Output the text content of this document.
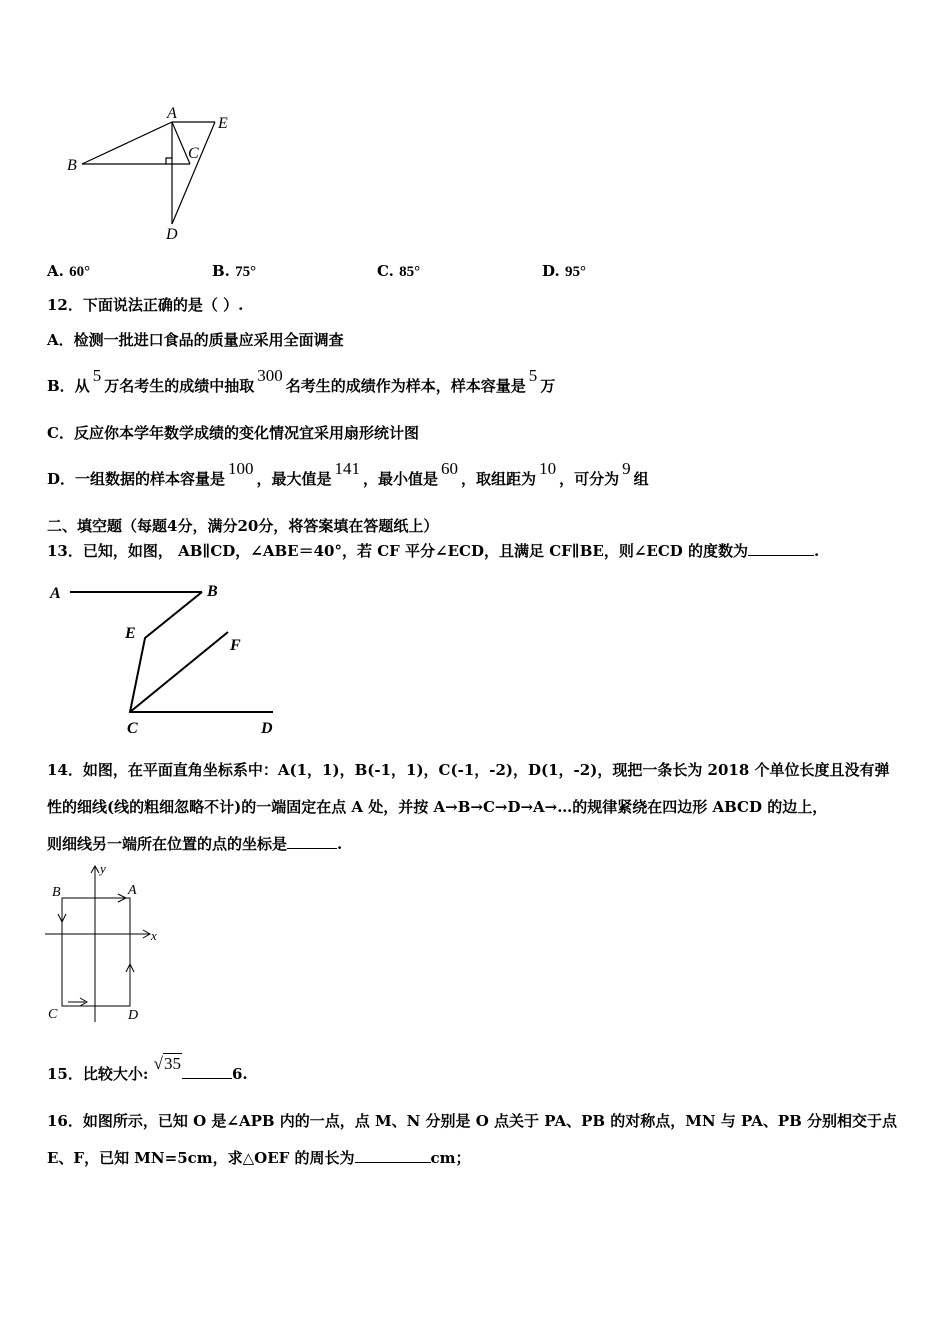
A
E
B
C
D
A. 60°	B. 75°	C. 85°	D. 95°
12．下面说法正确的是（ ）.
A．检测一批进口食品的质量应采用全面调查
B．从5万名考生的成绩中抽取300名考生的成绩作为样本，样本容量是5万
C．反应你本学年数学成绩的变化情况宜采用扇形统计图
D．一组数据的样本容量是100，最大值是141，最小值是60，取组距为10，可分为9组
二、填空题（每题4分，满分20分，将答案填在答题纸上）
13．已知，如图， AB∥CD，∠ABE＝40°，若 CF 平分∠ECD，且满足 CF∥BE，则∠ECD 的度数为	.
A	B
E
F
C	D
14．如图，在平面直角坐标系中：A(1，1)，B(-1，1)，C(-1，-2)，D(1，-2)，现把一条长为 2018 个单位长度且没有弹
性的细线(线的粗细忽略不计)的一端固定在点 A 处，并按 A→B→C→D→A→…的规律紧绕在四边形 ABCD 的边上，
则细线另一端所在位置的点的坐标是	.
y
x
A
B
C	D
15．比较大小: √356.
16．如图所示，已知 O 是∠APB 内的一点，点 M、N 分别是 O 点关于 PA、PB 的对称点，MN 与 PA、PB 分别相交于点
E、F，已知 MN=5cm，求△OEF 的周长为	cm；
